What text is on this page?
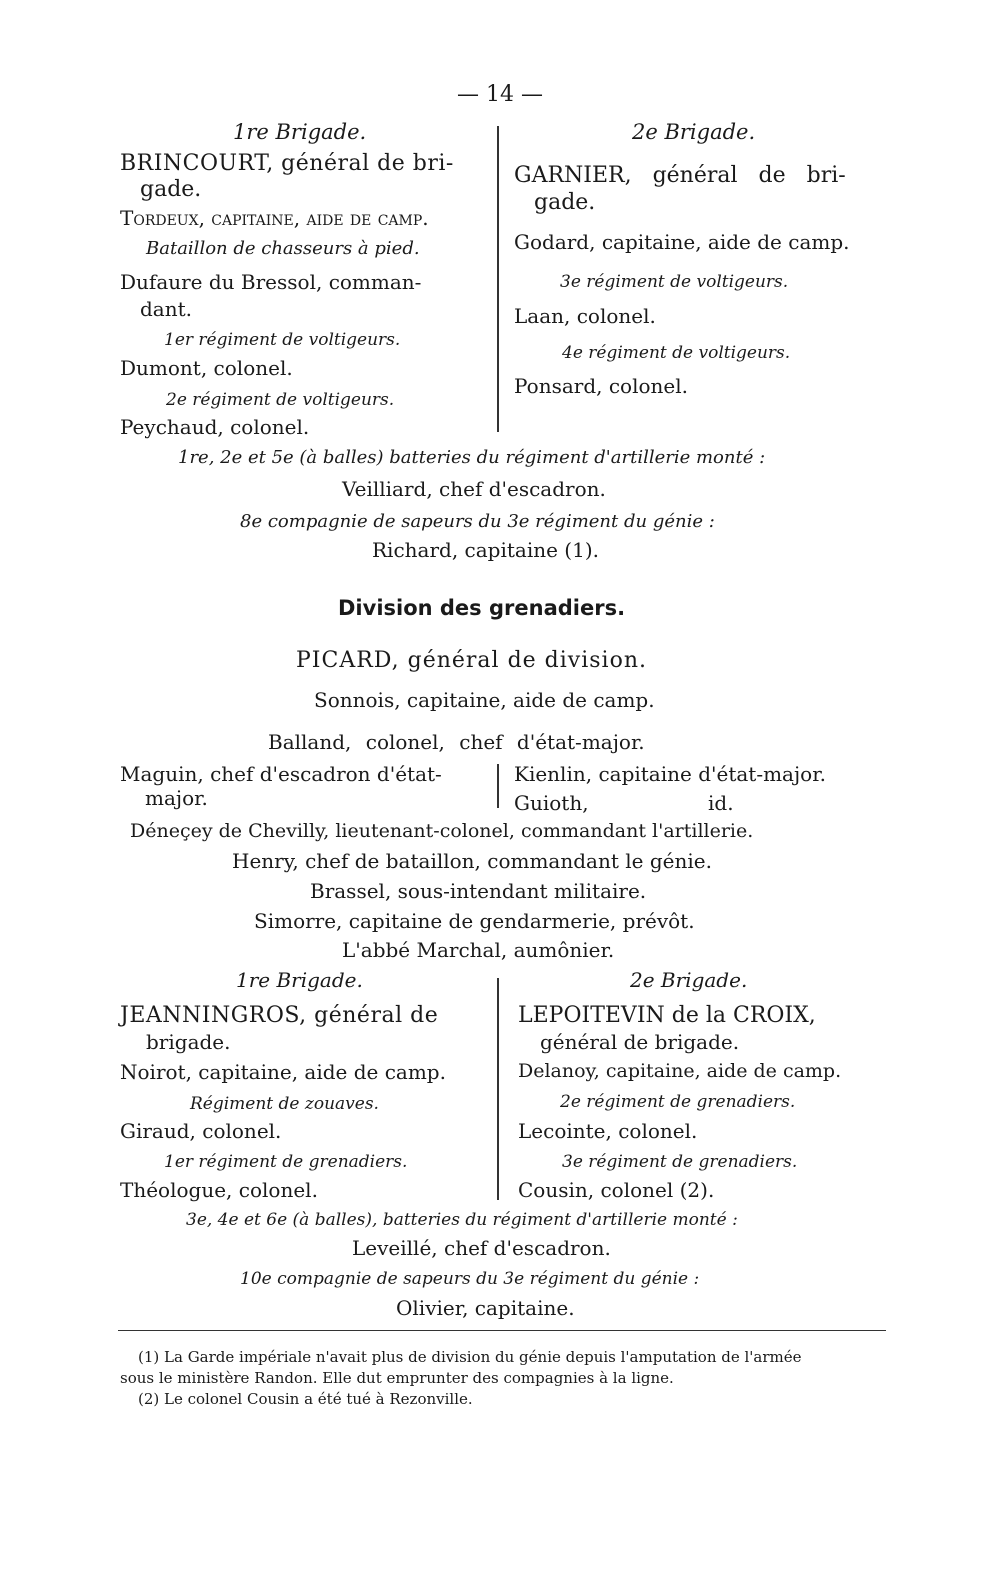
— 14 —
1re Brigade.
BRINCOURT, général de bri-
gade.
Tordeux, capitaine, aide de camp.
Bataillon de chasseurs à pied.
Dufaure du Bressol, comman-
dant.
1er régiment de voltigeurs.
Dumont, colonel.
2e régiment de voltigeurs.
Peychaud, colonel.
2e Brigade.
GARNIER, général de bri-
gade.
Godard, capitaine, aide de camp.
3e régiment de voltigeurs.
Laan, colonel.
4e régiment de voltigeurs.
Ponsard, colonel.
1re, 2e et 5e (à balles) batteries du régiment d'artillerie monté :
Veilliard, chef d'escadron.
8e compagnie de sapeurs du 3e régiment du génie :
Richard, capitaine (1).
Division des grenadiers.
PICARD, général de division.
Sonnois, capitaine, aide de camp.
Balland, colonel, chef d'état-major.
Maguin, chef d'escadron d'état-
major.
Kienlin, capitaine d'état-major.
Guioth,	id.
Déneçey de Chevilly, lieutenant-colonel, commandant l'artillerie.
Henry, chef de bataillon, commandant le génie.
Brassel, sous-intendant militaire.
Simorre, capitaine de gendarmerie, prévôt.
L'abbé Marchal, aumônier.
1re Brigade.
JEANNINGROS, général de
brigade.
Noirot, capitaine, aide de camp.
Régiment de zouaves.
Giraud, colonel.
1er régiment de grenadiers.
Théologue, colonel.
2e Brigade.
LEPOITEVIN de la CROIX,
général de brigade.
Delanoy, capitaine, aide de camp.
2e régiment de grenadiers.
Lecointe, colonel.
3e régiment de grenadiers.
Cousin, colonel (2).
3e, 4e et 6e (à balles), batteries du régiment d'artillerie monté :
Leveillé, chef d'escadron.
10e compagnie de sapeurs du 3e régiment du génie :
Olivier, capitaine.
(1) La Garde impériale n'avait plus de division du génie depuis l'amputation de l'armée
sous le ministère Randon. Elle dut emprunter des compagnies à la ligne.
(2) Le colonel Cousin a été tué à Rezonville.
